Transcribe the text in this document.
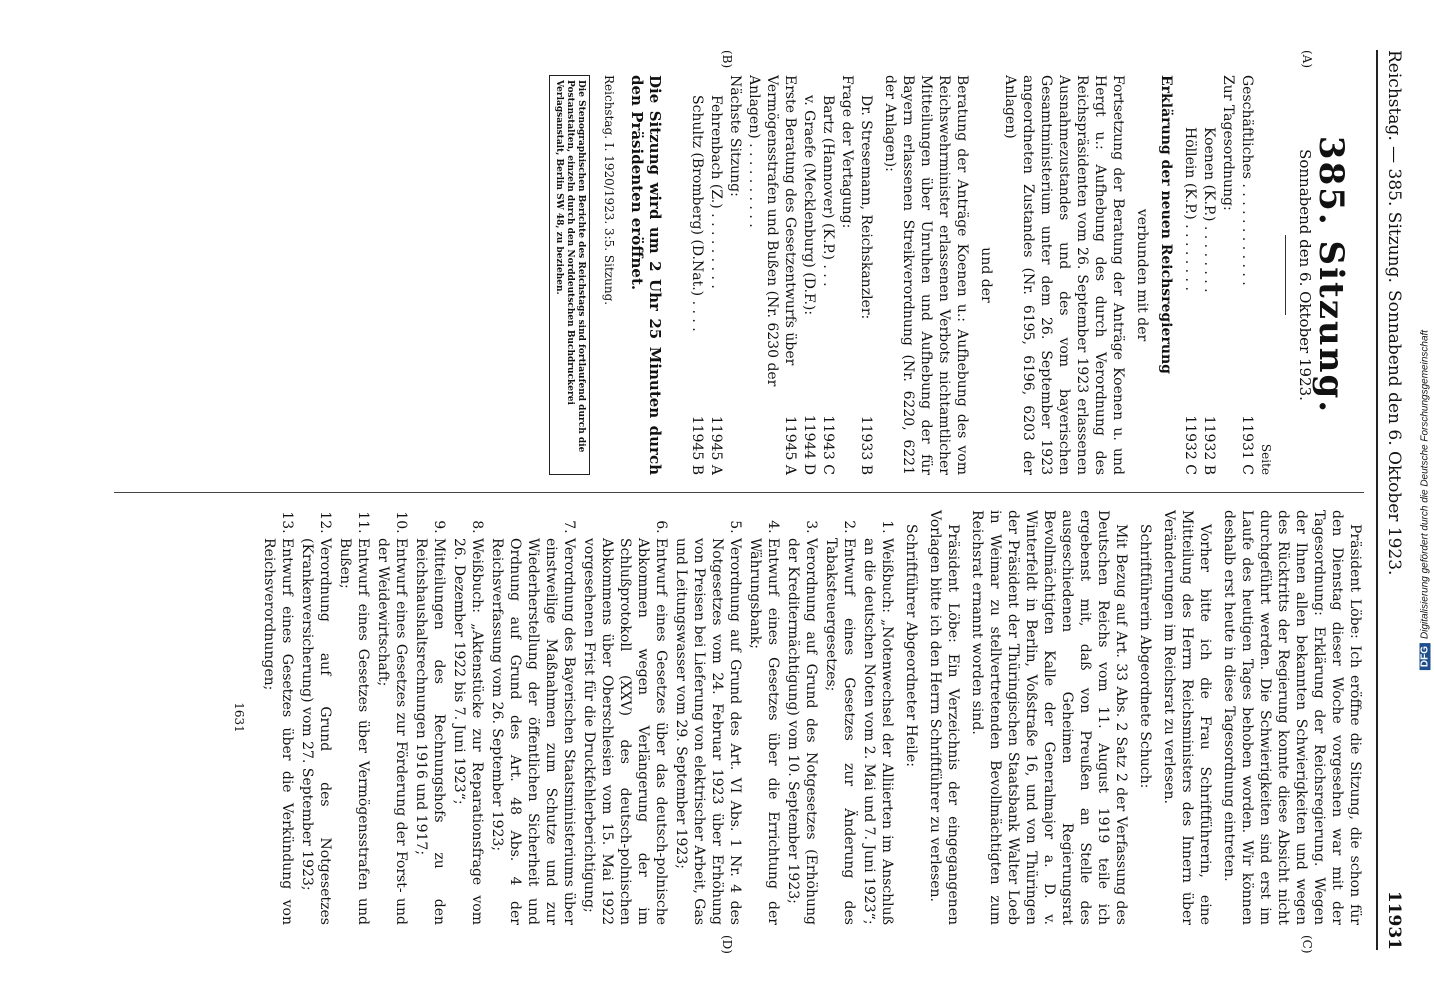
Reichstag. — 385. Sitzung.
11931
Sonnabend den 6. Oktober 1923.
(A)
(B)
(C)
(D)
385. Sitzung.
Sonnabend den 6. Oktober 1923.
Seite
Geschäftliches . . . . . . . . . . . .
11931 C
Zur Tagesordnung:
Koenen (K.P.) . . . . . . . .
11932 B
Höllein (K.P.) . . . . . . . .
11932 C
Erklärung der neuen Reichsregierung
verbunden mit der
Fortsetzung der Beratung der Anträge Koenen u. und Hergt u.: Aufhebung des durch Verordnung des Reichspräsidenten vom 26. September 1923 erlassenen Ausnahmezustandes und des vom bayerischen Gesamtministerium unter dem 26. September 1923 angeordneten Zustandes (Nr. 6195, 6196, 6203 der Anlagen)
und der
Beratung der Anträge Koenen u.: Aufhebung des vom Reichswehrminister erlassenen Verbots nichtamtlicher Mitteilungen über Unruhen und Aufhebung der für Bayern erlassenen Streikverordnung (Nr. 6220, 6221 der Anlagen):
Dr. Stresemann, Reichskanzler:
11933 B
Frage der Vertagung:
Bartz (Hannover) (K.P.) . . .
11943 C
v. Graefe (Mecklenburg) (D.F.):
11944 D
Erste Beratung des Gesetzentwurfs über Vermögensstrafen und Bußen (Nr. 6230 der Anlagen) . . . . . . . . . .
11945 A
Nächste Sitzung:
Fehrenbach (Z.) . . . . . . . . .
11945 A
Schultz (Bromberg) (D.Nat.) . . . .
11945 B
Die Sitzung wird um 2 Uhr 25 Minuten durch den Präsidenten eröffnet.
Reichstag. I. 1920/1923. 3:5. Sitzung.
Die Stenographischen Berichte des Reichstags sind fortlaufend durch die Postanstalten, einzeln durch den Norddeutschen Buchdruckerei Verlagsanstalt, Berlin SW 48, zu beziehen.

Präsident Löbe: Ich eröffne die Sitzung, die schon für den Dienstag dieser Woche vorgesehen war mit der Tagesordnung: Erklärung der Reichsregierung. Wegen der Ihnen allen bekannten Schwierigkeiten und wegen des Rücktritts der Regierung konnte diese Absicht nicht durchgeführt werden. Die Schwierigkeiten sind erst im Laufe des heutigen Tages behoben worden. Wir können deshalb erst heute in diese Tagesordnung eintreten.

Vorher bitte ich die Frau Schriftführerin, eine Mitteilung des Herrn Reichsministers des Innern über Veränderungen im Reichsrat zu verlesen.

Schriftführerin Abgeordnete Schuch:

Mit Bezug auf Art. 33 Abs. 2 Satz 2 der Verfassung des Deutschen Reichs vom 11. August 1919 teile ich ergebenst mit, daß von Preußen an Stelle des ausgeschiedenen Geheimen Regierungsrat Bevollmächtigten Kalle der Generalmajor a. D. v. Winterfeldt in Berlin, Voßstraße 16, und von Thüringen der Präsident der Thüringischen Staatsbank Walter Loeb in Weimar zu stellvertretenden Bevollmächtigten zum Reichsrat ernannt worden sind.

Präsident Löbe: Ein Verzeichnis der eingegangenen Vorlagen bitte ich den Herrn Schriftführer zu verlesen.

Schriftführer Abgeordneter Heile:

1. Weißbuch: „Notenwechsel der Alliierten im Anschluß an die deutschen Noten vom 2. Mai und 7. Juni 1923“;
2. Entwurf eines Gesetzes zur Änderung des Tabaksteuergesetzes;
3. Verordnung auf Grund des Notgesetzes (Erhöhung der Kreditermächtigung) vom 10. September 1923;
4. Entwurf eines Gesetzes über die Errichtung der Währungsbank;
5. Verordnung auf Grund des Art. VI Abs. 1 Nr. 4 des Notgesetzes vom 24. Februar 1923 über Erhöhung von Preisen bei Lieferung von elektrischer Arbeit, Gas und Leitungswasser vom 29. September 1923;
6. Entwurf eines Gesetzes über das deutsch-polnische Abkommen wegen Verlängerung der im Schlußprotokoll (XXV) des deutsch-polnischen Abkommens über Oberschlesien vom 15. Mai 1922 vorgesehenen Frist für die Druckfehlerberichtigung;
7. Verordnung des Bayerischen Staatsministeriums über einstweilige Maßnahmen zum Schutze und zur Wiederherstellung der öffentlichen Sicherheit und Ordnung auf Grund des Art. 48 Abs. 4 der Reichsverfassung vom 26. September 1923;
8. Weißbuch: „Aktenstücke zur Reparationsfrage vom 26. Dezember 1922 bis 7. Juni 1923“;
9. Mitteilungen des Rechnungshofs zu den Reichshaushaltsrechnungen 1916 und 1917;
10. Entwurf eines Gesetzes zur Förderung der Forst- und der Weidewirtschaft;
11. Entwurf eines Gesetzes über Vermögensstrafen und Bußen;
12. Verordnung auf Grund des Notgesetzes (Krankenversicherung) vom 27. September 1923;
13. Entwurf eines Gesetzes über die Verkündung von Reichsverordnungen;
1631
DFGDigitalisierung gefördert durch die Deutsche Forschungsgemeinschaft
